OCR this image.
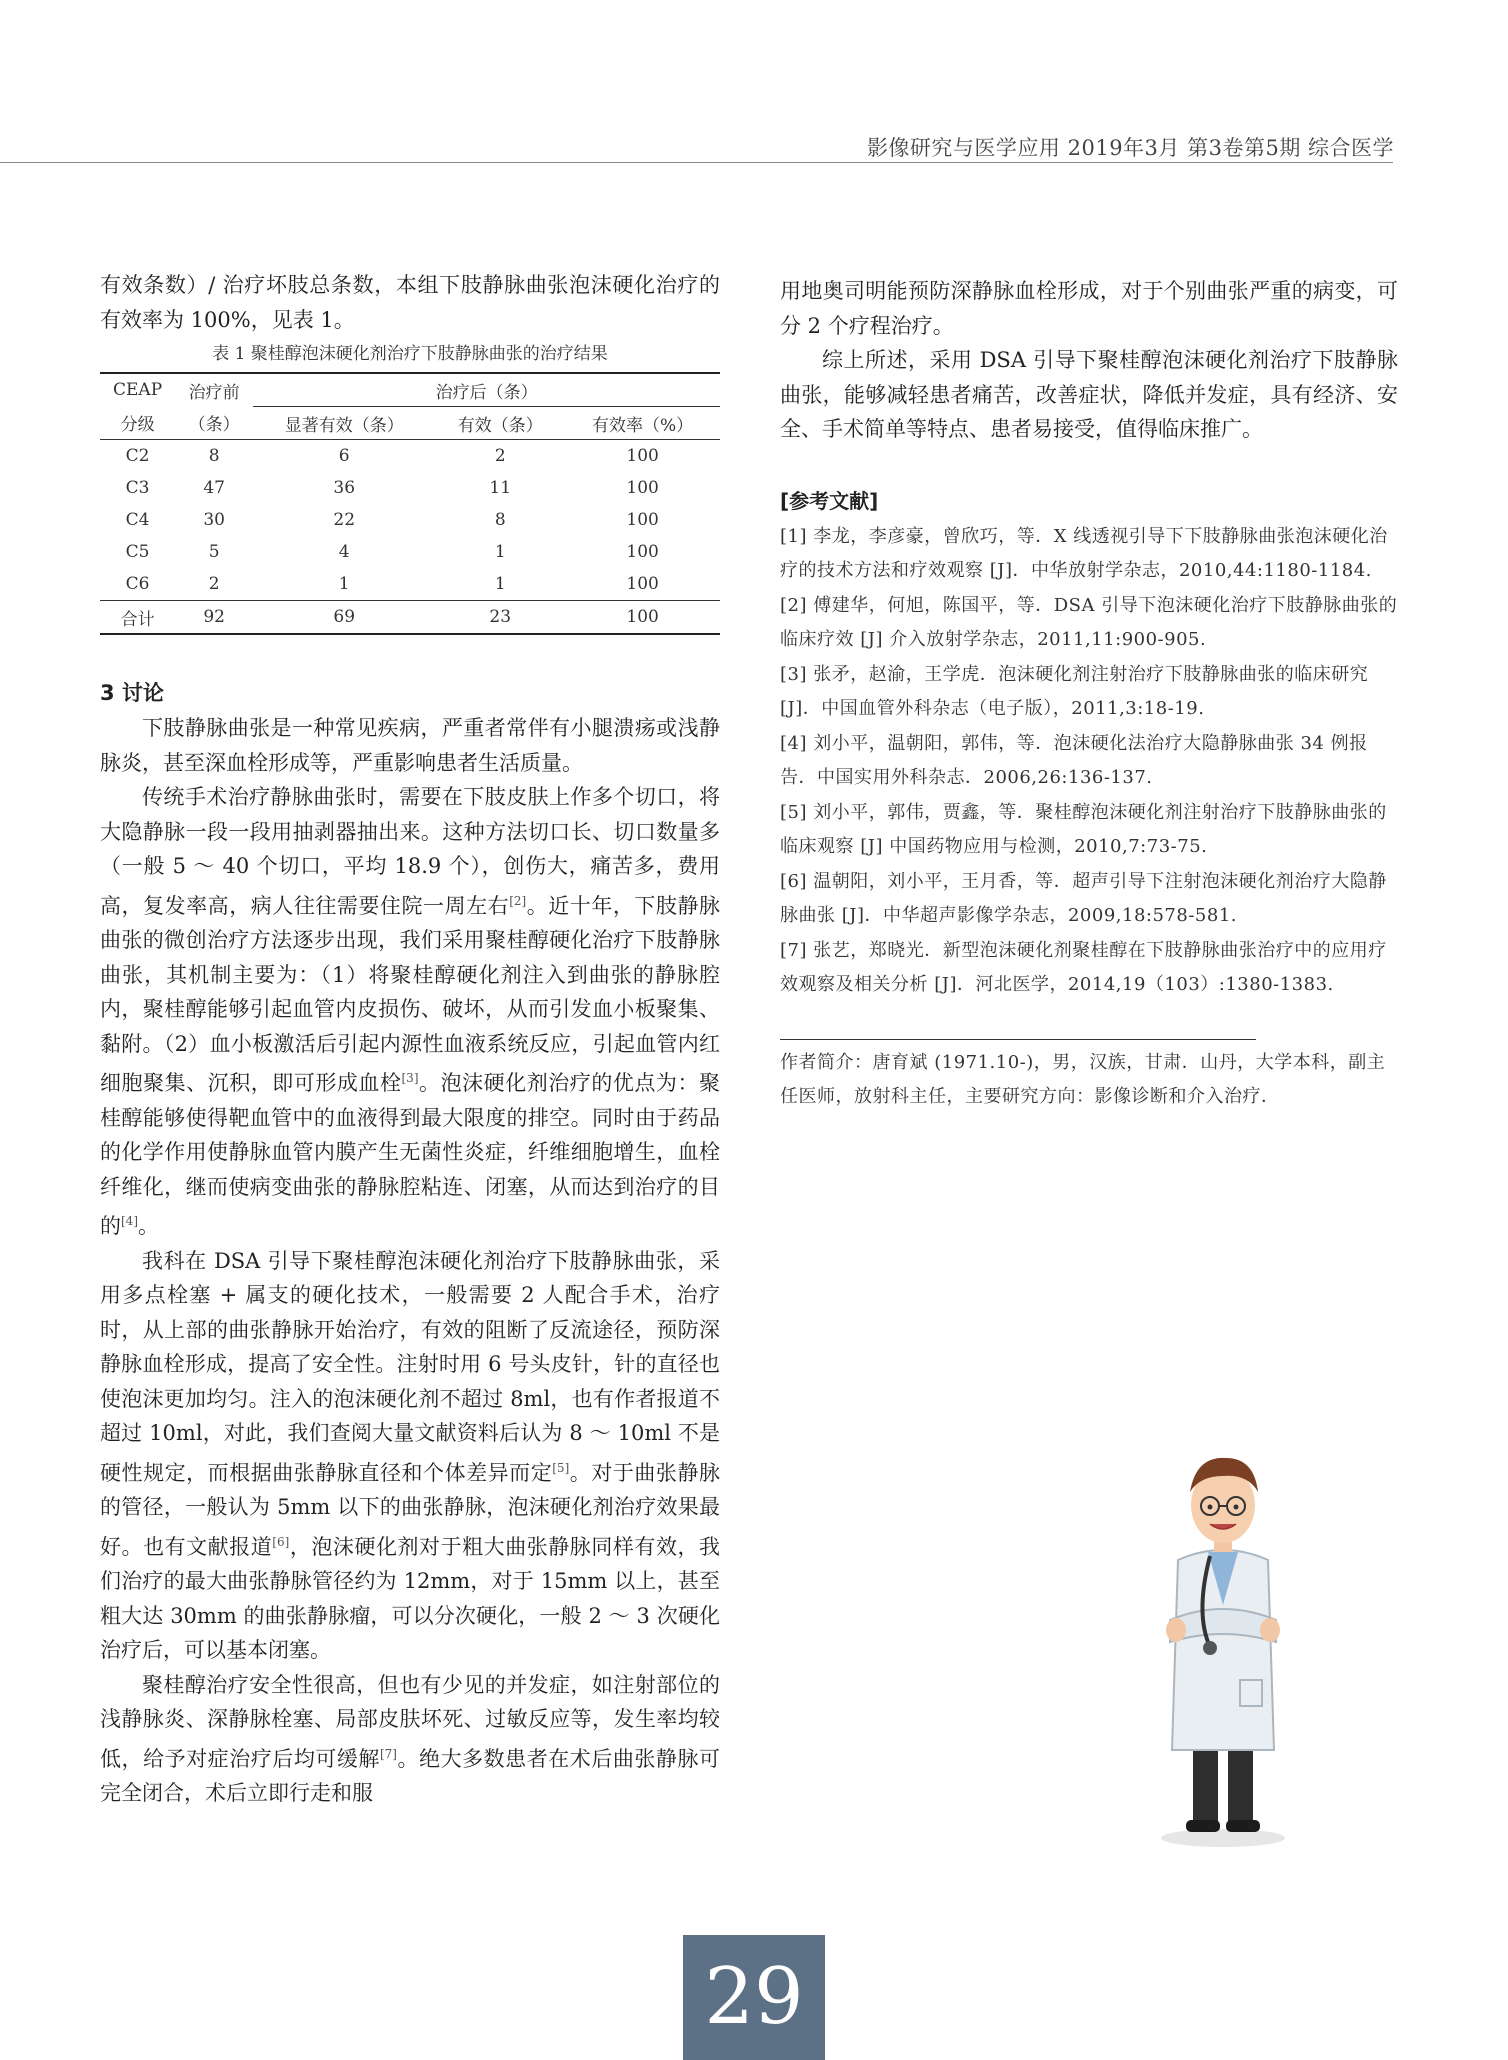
影像研究与医学应用 2019年3月 第3卷第5期 综合医学

有效条数）/ 治疗坏肢总条数，本组下肢静脉曲张泡沫硬化治疗的有效率为 100%，见表 1。

表 1 聚桂醇泡沫硬化剂治疗下肢静脉曲张的治疗结果
CEAP	治疗前	治疗后（条）		
分级	（条）	显著有效（条）	有效（条）	有效率（%）
C2	8	6	2	100
C3	47	36	11	100
C4	30	22	8	100
C5	5	4	1	100
C6	2	1	1	100
合计	92	69	23	100
3 讨论

下肢静脉曲张是一种常见疾病，严重者常伴有小腿溃疡或浅静脉炎，甚至深血栓形成等，严重影响患者生活质量。

传统手术治疗静脉曲张时，需要在下肢皮肤上作多个切口，将大隐静脉一段一段用抽剥器抽出来。这种方法切口长、切口数量多（一般 5 ～ 40 个切口，平均 18.9 个），创伤大，痛苦多，费用高，复发率高，病人往往需要住院一周左右[2]。近十年，下肢静脉曲张的微创治疗方法逐步出现，我们采用聚桂醇硬化治疗下肢静脉曲张，其机制主要为：（1）将聚桂醇硬化剂注入到曲张的静脉腔内，聚桂醇能够引起血管内皮损伤、破坏，从而引发血小板聚集、黏附。（2）血小板激活后引起内源性血液系统反应，引起血管内红细胞聚集、沉积，即可形成血栓[3]。泡沫硬化剂治疗的优点为：聚桂醇能够使得靶血管中的血液得到最大限度的排空。同时由于药品的化学作用使静脉血管内膜产生无菌性炎症，纤维细胞增生，血栓纤维化，继而使病变曲张的静脉腔粘连、闭塞，从而达到治疗的目的[4]。

我科在 DSA 引导下聚桂醇泡沫硬化剂治疗下肢静脉曲张，采用多点栓塞 + 属支的硬化技术，一般需要 2 人配合手术，治疗时，从上部的曲张静脉开始治疗，有效的阻断了反流途径，预防深静脉血栓形成，提高了安全性。注射时用 6 号头皮针，针的直径也使泡沫更加均匀。注入的泡沫硬化剂不超过 8ml，也有作者报道不超过 10ml，对此，我们查阅大量文献资料后认为 8 ～ 10ml 不是硬性规定，而根据曲张静脉直径和个体差异而定[5]。对于曲张静脉的管径，一般认为 5mm 以下的曲张静脉，泡沫硬化剂治疗效果最好。也有文献报道[6]，泡沫硬化剂对于粗大曲张静脉同样有效，我们治疗的最大曲张静脉管径约为 12mm，对于 15mm 以上，甚至粗大达 30mm 的曲张静脉瘤，可以分次硬化，一般 2 ～ 3 次硬化治疗后，可以基本闭塞。

聚桂醇治疗安全性很高，但也有少见的并发症，如注射部位的浅静脉炎、深静脉栓塞、局部皮肤坏死、过敏反应等，发生率均较低，给予对症治疗后均可缓解[7]。绝大多数患者在术后曲张静脉可完全闭合，术后立即行走和服

用地奥司明能预防深静脉血栓形成，对于个别曲张严重的病变，可分 2 个疗程治疗。

综上所述，采用 DSA 引导下聚桂醇泡沫硬化剂治疗下肢静脉曲张，能够减轻患者痛苦，改善症状，降低并发症，具有经济、安全、手术简单等特点、患者易接受，值得临床推广。

[参考文献]

[1] 李龙，李彦豪，曾欣巧，等．X 线透视引导下下肢静脉曲张泡沫硬化治疗的技术方法和疗效观察 [J]．中华放射学杂志，2010,44:1180-1184.

[2] 傅建华，何旭，陈国平，等．DSA 引导下泡沫硬化治疗下肢静脉曲张的临床疗效 [J] 介入放射学杂志，2011,11:900-905.

[3] 张矛，赵渝，王学虎．泡沫硬化剂注射治疗下肢静脉曲张的临床研究 [J]．中国血管外科杂志（电子版），2011,3:18-19.

[4] 刘小平，温朝阳，郭伟，等．泡沫硬化法治疗大隐静脉曲张 34 例报告．中国实用外科杂志．2006,26:136-137.

[5] 刘小平，郭伟，贾鑫，等．聚桂醇泡沫硬化剂注射治疗下肢静脉曲张的临床观察 [J] 中国药物应用与检测，2010,7:73-75.

[6] 温朝阳，刘小平，王月香，等．超声引导下注射泡沫硬化剂治疗大隐静脉曲张 [J]．中华超声影像学杂志，2009,18:578-581.

[7] 张艺，郑晓光．新型泡沫硬化剂聚桂醇在下肢静脉曲张治疗中的应用疗效观察及相关分析 [J]．河北医学，2014,19（103）:1380-1383.

作者简介：唐育斌 (1971.10-)，男，汉族，甘肃．山丹，大学本科，副主任医师，放射科主任，主要研究方向：影像诊断和介入治疗．

29
